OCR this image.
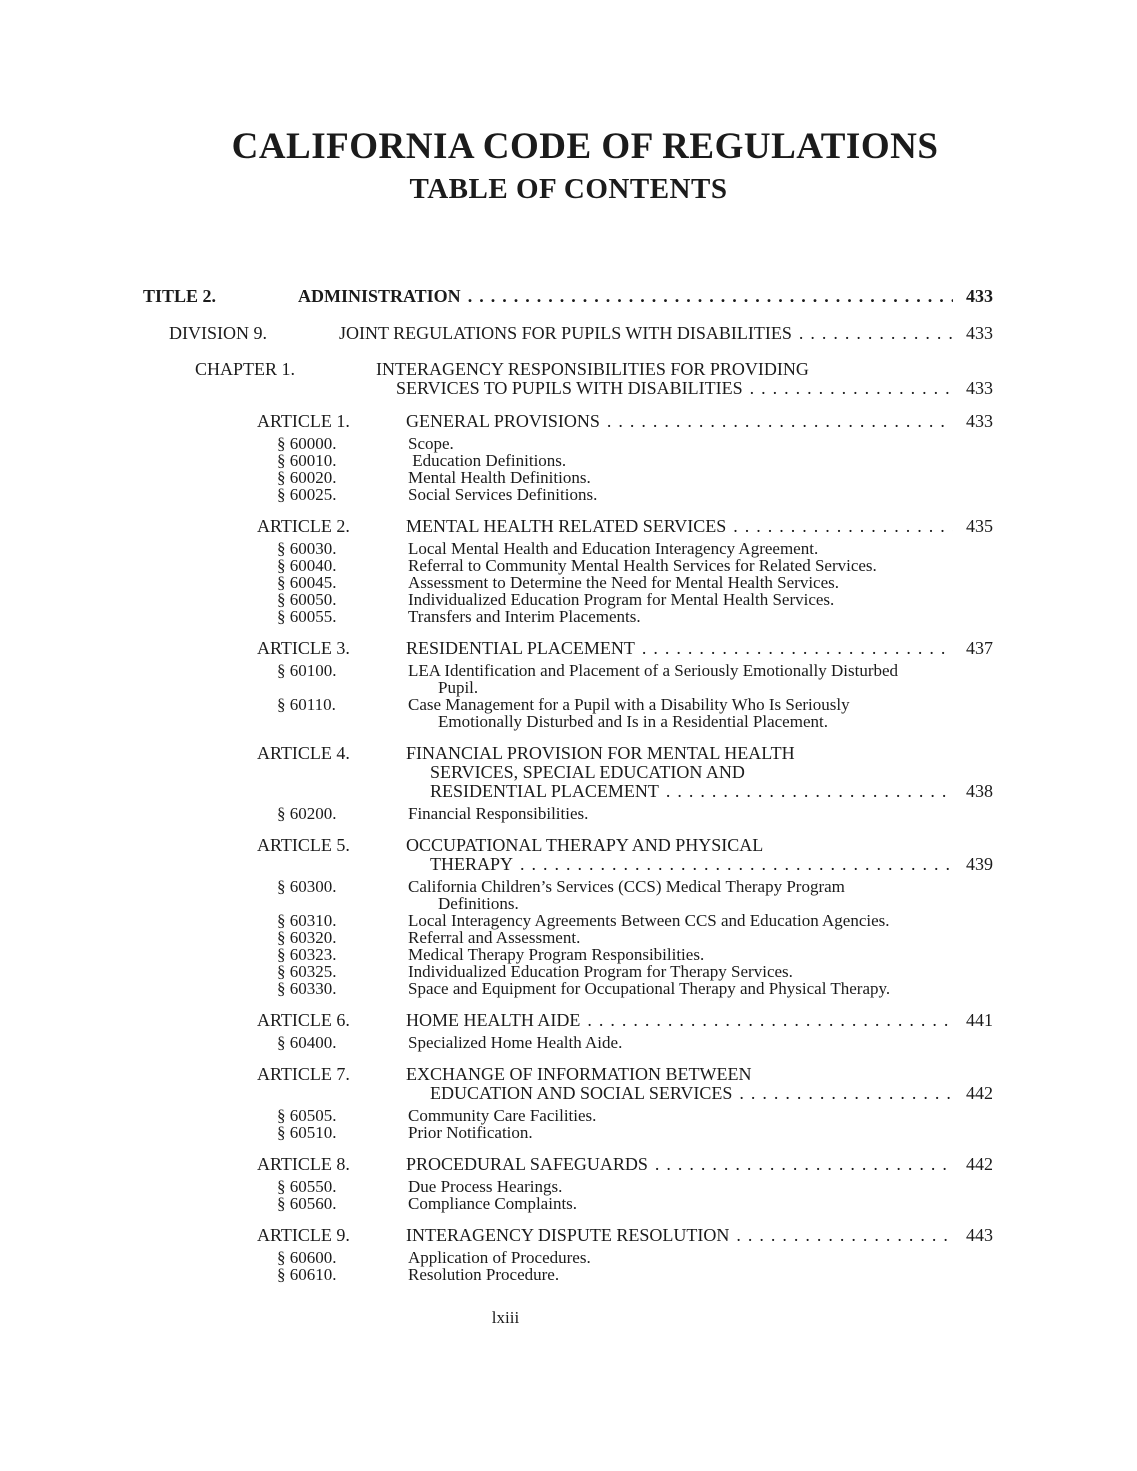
CALIFORNIA CODE OF REGULATIONS
TABLE OF CONTENTS
TITLE 2.	ADMINISTRATION . . .	433
DIVISION 9.	JOINT REGULATIONS FOR PUPILS WITH DISABILITIES . . .	433
CHAPTER 1.	INTERAGENCY RESPONSIBILITIES FOR PROVIDING
SERVICES TO PUPILS WITH DISABILITIES . . .	433
ARTICLE 1.	GENERAL PROVISIONS . . .	433
§ 60000.	Scope.
§ 60010.	Education Definitions.
§ 60020.	Mental Health Definitions.
§ 60025.	Social Services Definitions.
ARTICLE 2.	MENTAL HEALTH RELATED SERVICES . . .	435
§ 60030.	Local Mental Health and Education Interagency Agreement.
§ 60040.	Referral to Community Mental Health Services for Related Services.
§ 60045.	Assessment to Determine the Need for Mental Health Services.
§ 60050.	Individualized Education Program for Mental Health Services.
§ 60055.	Transfers and Interim Placements.
ARTICLE 3.	RESIDENTIAL PLACEMENT . . .	437
§ 60100.	LEA Identification and Placement of a Seriously Emotionally Disturbed
Pupil.
§ 60110.	Case Management for a Pupil with a Disability Who Is Seriously
Emotionally Disturbed and Is in a Residential Placement.
ARTICLE 4.	FINANCIAL PROVISION FOR MENTAL HEALTH
SERVICES, SPECIAL EDUCATION AND
RESIDENTIAL PLACEMENT . . .	438
§ 60200.	Financial Responsibilities.
ARTICLE 5.	OCCUPATIONAL THERAPY AND PHYSICAL
THERAPY . . .	439
§ 60300.	California Children’s Services (CCS) Medical Therapy Program
Definitions.
§ 60310.	Local Interagency Agreements Between CCS and Education Agencies.
§ 60320.	Referral and Assessment.
§ 60323.	Medical Therapy Program Responsibilities.
§ 60325.	Individualized Education Program for Therapy Services.
§ 60330.	Space and Equipment for Occupational Therapy and Physical Therapy.
ARTICLE 6.	HOME HEALTH AIDE . . .	441
§ 60400.	Specialized Home Health Aide.
ARTICLE 7.	EXCHANGE OF INFORMATION BETWEEN
EDUCATION AND SOCIAL SERVICES . . .	442
§ 60505.	Community Care Facilities.
§ 60510.	Prior Notification.
ARTICLE 8.	PROCEDURAL SAFEGUARDS . . .	442
§ 60550.	Due Process Hearings.
§ 60560.	Compliance Complaints.
ARTICLE 9.	INTERAGENCY DISPUTE RESOLUTION . . .	443
§ 60600.	Application of Procedures.
§ 60610.	Resolution Procedure.
lxiii
